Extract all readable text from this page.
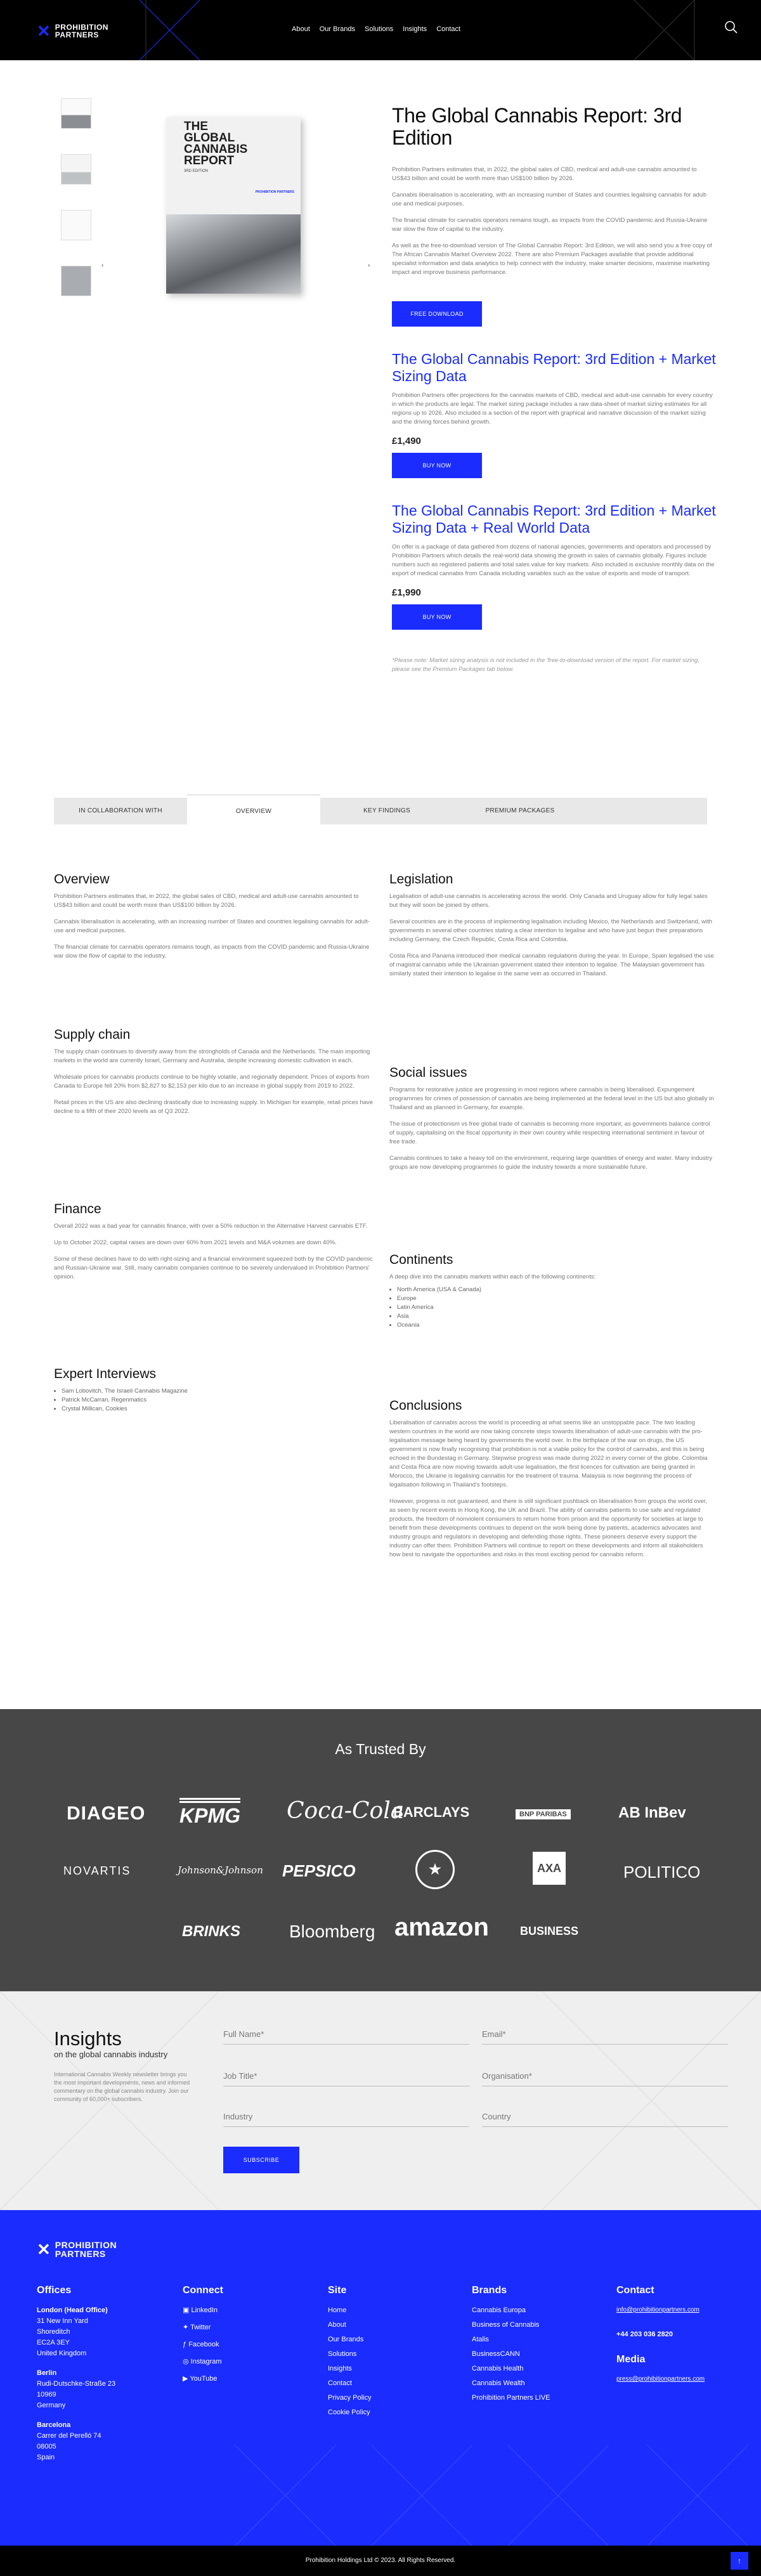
✕ PROHIBITION
PARTNERS
About Our Brands Solutions Insights Contact
‹	›
THE GLOBAL CANNABIS REPORT
3RD EDITION
PROHIBITION PARTNERS
The Global Cannabis Report: 3rd Edition

Prohibition Partners estimates that, in 2022, the global sales of CBD, medical and adult-use cannabis amounted to US$43 billion and could be worth more than US$100 billion by 2026.

Cannabis liberalisation is accelerating, with an increasing number of States and countries legalising cannabis for adult-use and medical purposes.

The financial climate for cannabis operators remains tough, as impacts from the COVID pandemic and Russia-Ukraine war slow the flow of capital to the industry.

As well as the free-to-download version of The Global Cannabis Report: 3rd Edition, we will also send you a free copy of The African Cannabis Market Overview 2022. There are also Premium Packages available that provide additional specialist information and data analytics to help connect with the industry, make smarter decisions, maximise marketing impact and improve business performance.

FREE DOWNLOAD
The Global Cannabis Report: 3rd Edition + Market Sizing Data

Prohibition Partners offer projections for the cannabis markets of CBD, medical and adult-use cannabis for every country in which the products are legal. The market sizing package includes a raw data-sheet of market sizing estimates for all regions up to 2026. Also included is a section of the report with graphical and narrative discussion of the market sizing and the driving forces behind growth.

£1,490
BUY NOW
The Global Cannabis Report: 3rd Edition + Market Sizing Data + Real World Data

On offer is a package of data gathered from dozens of national agencies, governments and operators and processed by Prohibition Partners which details the real-world data showing the growth in sales of cannabis globally. Figures include numbers such as registered patients and total sales value for key markets. Also included is exclusive monthly data on the export of medical cannabis from Canada including variables such as the value of exports and mode of transport.

£1,990
BUY NOW

*Please note: Market sizing analysis is not included in the 'free-to-download version of the report. For market sizing, please see the Premium Packages tab below.

IN COLLABORATION WITH	OVERVIEW	KEY FINDINGS	PREMIUM PACKAGES
Overview

Prohibition Partners estimates that, in 2022, the global sales of CBD, medical and adult-use cannabis amounted to US$43 billion and could be worth more than US$100 billion by 2026.

Cannabis liberalisation is accelerating, with an increasing number of States and countries legalising cannabis for adult-use and medical purposes.

The financial climate for cannabis operators remains tough, as impacts from the COVID pandemic and Russia-Ukraine war slow the flow of capital to the industry.

Supply chain

The supply chain continues to diversify away from the strongholds of Canada and the Netherlands. The main importing markets in the world are currently Israel, Germany and Australia, despite increasing domestic cultivation in each.

Wholesale prices for cannabis products continue to be highly volatile, and regionally dependent. Prices of exports from Canada to Europe fell 20% from $2,827 to $2,153 per kilo due to an increase in global supply from 2019 to 2022.

Retail prices in the US are also declining drastically due to increasing supply. In Michigan for example, retail prices have decline to a fifth of their 2020 levels as of Q3 2022.

Finance

Overall 2022 was a bad year for cannabis finance, with over a 50% reduction in the Alternative Harvest cannabis ETF.

Up to October 2022, capital raises are down over 60% from 2021 levels and M&A volumes are down 40%.

Some of these declines have to do with right-sizing and a financial environment squeezed both by the COVID pandemic and Russian-Ukraine war. Still, many cannabis companies continue to be severely undervalued in Prohibition Partners' opinion.

Expert Interviews
• Sam Lobovitch, The Israeli Cannabis Magazine
• Patrick McCarran, Regenmatics
• Crystal Millican, Cookies
Legislation

Legalisation of adult-use cannabis is accelerating across the world. Only Canada and Uruguay allow for fully legal sales but they will soon be joined by others.

Several countries are in the process of implementing legalisation including Mexico, the Netherlands and Switzerland, with governments in several other countries stating a clear intention to legalise and who have just begun their preparations including Germany, the Czech Republic, Costa Rica and Colombia.

Costa Rica and Panama introduced their medical cannabis regulations during the year. In Europe, Spain legalised the use of magistral cannabis while the Ukrainian government stated their intention to legalise. The Malaysian government has similarly stated their intention to legalise in the same vein as occurred in Thailand.

Social issues

Programs for restorative justice are progressing in most regions where cannabis is being liberalised. Expungement programmes for crimes of possession of cannabis are being implemented at the federal level in the US but also globally in Thailand and as planned in Germany, for example.

The issue of protectionism vs free global trade of cannabis is becoming more important, as governments balance control of supply, capitalising on the fiscal opportunity in their own country while respecting international sentiment in favour of free trade.

Cannabis continues to take a heavy toll on the environment, requiring large quantities of energy and water. Many industry groups are now developing programmes to guide the industry towards a more sustainable future.

Continents

A deep dive into the cannabis markets within each of the following continents:

• North America (USA & Canada)
• Europe
• Latin America
• Asia
• Oceania
Conclusions

Liberalisation of cannabis across the world is proceeding at what seems like an unstoppable pace. The two leading western countries in the world are now taking concrete steps towards liberalisation of adult-use cannabis with the pro-legalisation message being heard by governments the world over. In the birthplace of the war on drugs, the US government is now finally recognising that prohibition is not a viable policy for the control of cannabis, and this is being echoed in the Bundestag in Germany. Stepwise progress was made during 2022 in every corner of the globe. Colombia and Costa Rica are now moving towards adult-use legalisation, the first licences for cultivation are being granted in Morocco, the Ukraine is legalising cannabis for the treatment of trauma. Malaysia is now beginning the process of legalisation following in Thailand's footsteps.

However, progress is not guaranteed, and there is still significant pushback on liberalisation from groups the world over, as seen by recent events in Hong Kong, the UK and Brazil. The ability of cannabis patients to use safe and regulated products, the freedom of nonviolent consumers to return home from prison and the opportunity for societies at large to benefit from these developments continues to depend on the work being done by patients, academics advocates and industry groups and regulators in developing and defending those rights. These pioneers deserve every support the industry can offer them. Prohibition Partners will continue to report on these developments and inform all stakeholders how best to navigate the opportunities and risks in this most exciting period for cannabis reform.

As Trusted By
DIAGEO KPMG Coca-Cola
BARCLAYS	BNP PARIBAS	AB InBev
NOVARTIS	Johnson&Johnson PEPSICO	★	AXA	POLITICO
BRINKS	Bloomberg amazon	BUSINESS
Insights
on the global cannabis industry

International Cannabis Weekly newsletter brings you the most important developments, news and informed commentary on the global cannabis industry. Join our community of 60,000+ subscribers.

Full Name*	Email*
Job Title*	Organisation*
Industry	Country
SUBSCRIBE
✕ PROHIBITION
PARTNERS
Offices
London (Head Office)
31 New Inn Yard
Shoreditch
EC2A 3EY
United Kingdom
Berlin
Rudi-Dutschke-Straße 23
10969
Germany
Barcelona
Carrer del Perelló 74
08005
Spain
Connect
▣ LinkedIn
✦ Twitter
ƒ Facebook
◎ Instagram
▶ YouTube
Site
Home
About
Our Brands
Solutions
Insights
Contact
Privacy Policy
Cookie Policy
Brands
Cannabis Europa
Business of Cannabis
Atalis
BusinessCANN
Cannabis Health
Cannabis Wealth
Prohibition Partners LIVE
Contact
info@prohibitionpartners.com
+44 203 036 2820
Media
press@prohibitionpartners.com
Prohibition Holdings Ltd © 2023. All Rights Reserved.	↑
